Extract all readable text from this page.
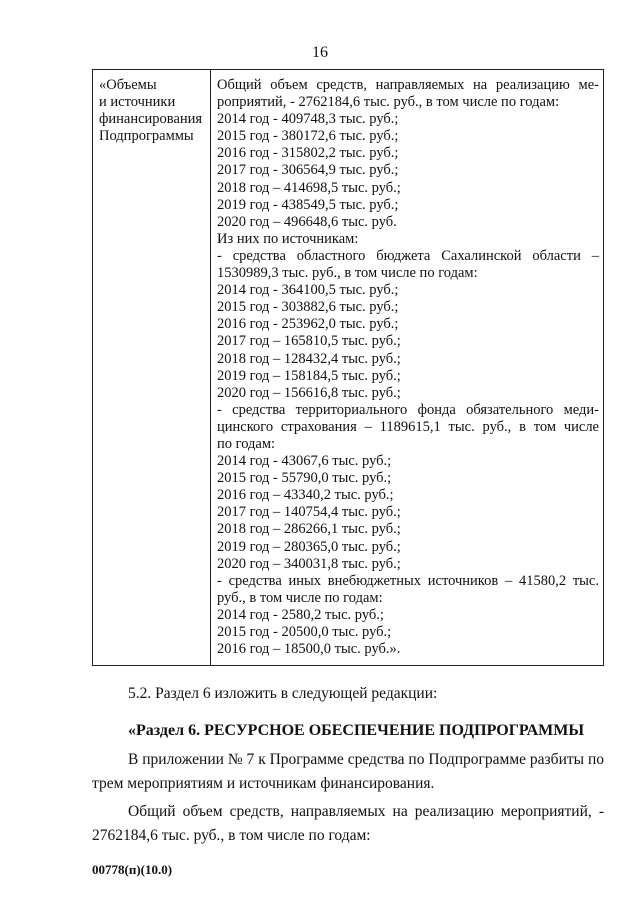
16
«Объемы
и источники
финансирования
Подпрограммы
Общий объем средств, направляемых на реализацию ме-
роприятий, - 2762184,6 тыс. руб., в том числе по годам:
2014 год - 409748,3 тыс. руб.;
2015 год - 380172,6 тыс. руб.;
2016 год - 315802,2 тыс. руб.;
2017 год - 306564,9 тыс. руб.;
2018 год – 414698,5 тыс. руб.;
2019 год - 438549,5 тыс. руб.;
2020 год – 496648,6 тыс. руб.
Из них по источникам:
- средства областного бюджета Сахалинской области –
1530989,3 тыс. руб., в том числе по годам:
2014 год - 364100,5 тыс. руб.;
2015 год - 303882,6 тыс. руб.;
2016 год - 253962,0 тыс. руб.;
2017 год – 165810,5 тыс. руб.;
2018 год – 128432,4 тыс. руб.;
2019 год – 158184,5 тыс. руб.;
2020 год – 156616,8 тыс. руб.;
- средства территориального фонда обязательного меди-
цинского страхования – 1189615,1 тыс. руб., в том числе
по годам:
2014 год - 43067,6 тыс. руб.;
2015 год - 55790,0 тыс. руб.;
2016 год – 43340,2 тыс. руб.;
2017 год – 140754,4 тыс. руб.;
2018 год – 286266,1 тыс. руб.;
2019 год – 280365,0 тыс. руб.;
2020 год – 340031,8 тыс. руб.;
- средства иных внебюджетных источников – 41580,2 тыс.
руб., в том числе по годам:
2014 год - 2580,2 тыс. руб.;
2015 год - 20500,0 тыс. руб.;
2016 год – 18500,0 тыс. руб.».
5.2. Раздел 6 изложить в следующей редакции:
«Раздел 6. РЕСУРСНОЕ ОБЕСПЕЧЕНИЕ ПОДПРОГРАММЫ
В приложении № 7 к Программе средства по Подпрограмме разбиты по
трем мероприятиям и источникам финансирования.
Общий объем средств, направляемых на реализацию мероприятий, -
2762184,6 тыс. руб., в том числе по годам:
00778(п)(10.0)
